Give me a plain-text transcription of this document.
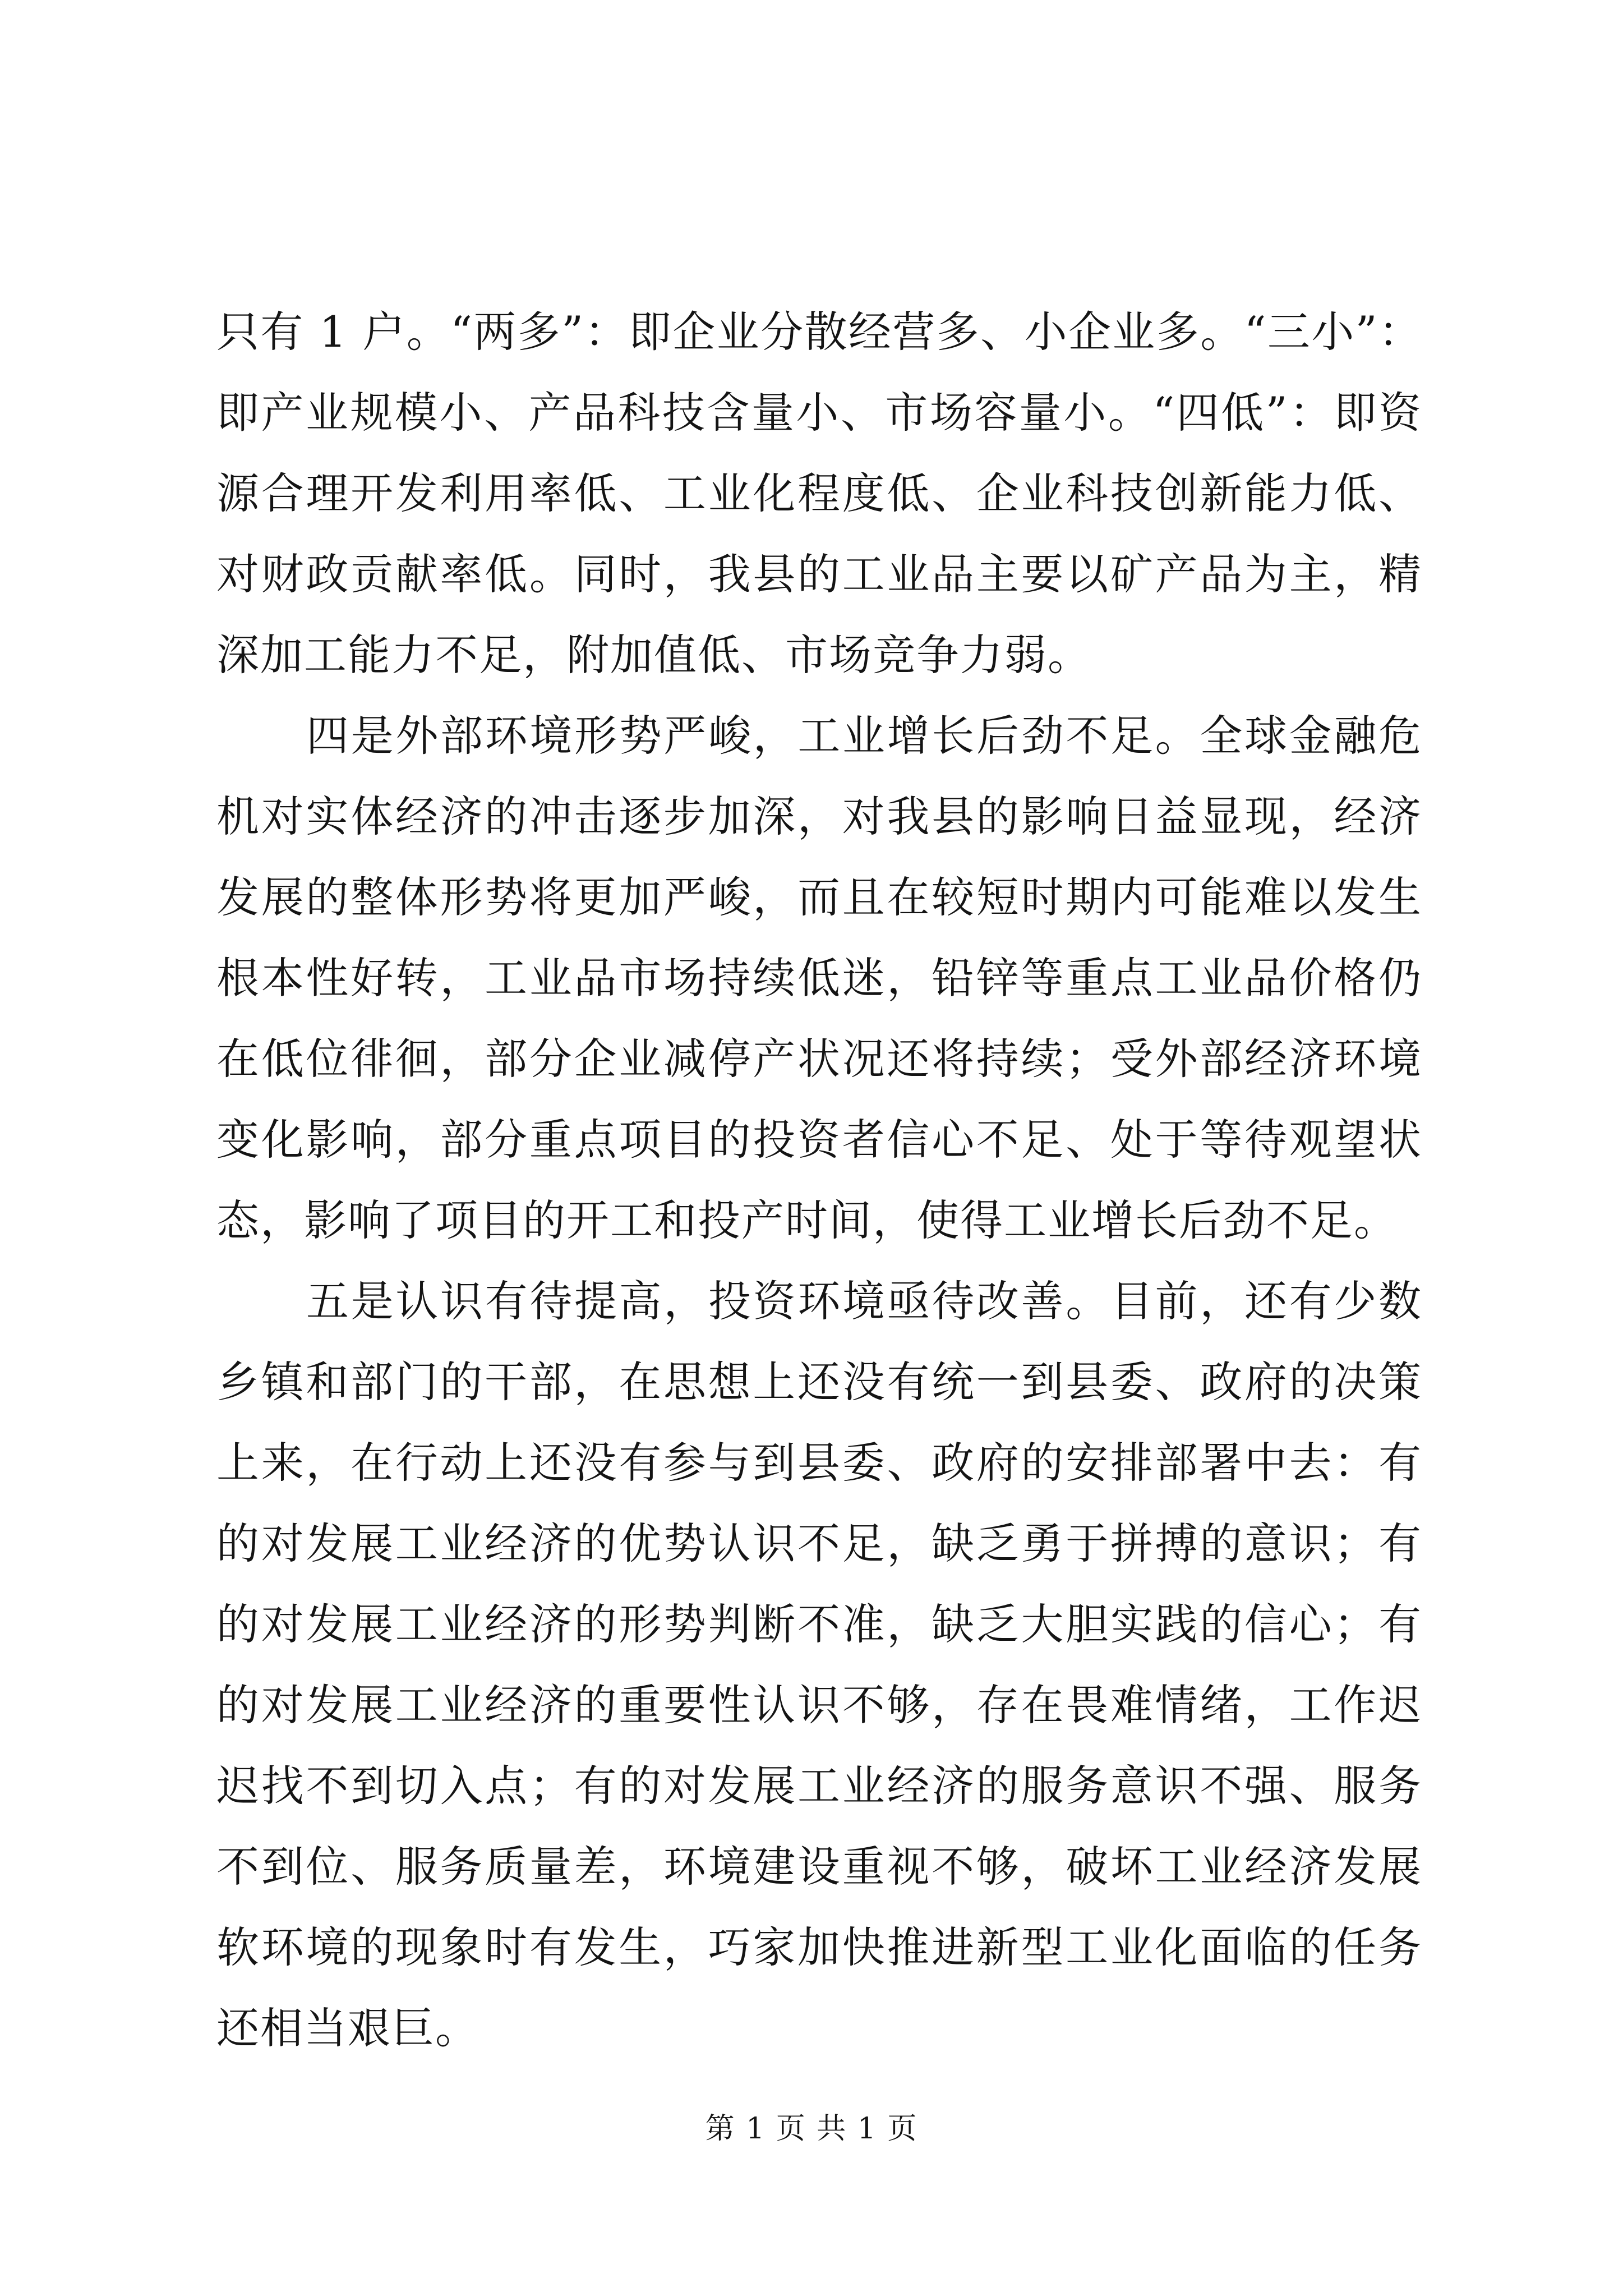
只有 1 户。“两多”：即企业分散经营多、小企业多。“三小”：即产业规模小、产品科技含量小、市场容量小。“四低”：即资源合理开发利用率低、工业化程度低、企业科技创新能力低、对财政贡献率低。同时，我县的工业品主要以矿产品为主，精深加工能力不足，附加值低、市场竞争力弱。

四是外部环境形势严峻，工业增长后劲不足。全球金融危机对实体经济的冲击逐步加深，对我县的影响日益显现，经济发展的整体形势将更加严峻，而且在较短时期内可能难以发生根本性好转，工业品市场持续低迷，铅锌等重点工业品价格仍在低位徘徊，部分企业减停产状况还将持续；受外部经济环境变化影响，部分重点项目的投资者信心不足、处于等待观望状态，影响了项目的开工和投产时间，使得工业增长后劲不足。

五是认识有待提高，投资环境亟待改善。目前，还有少数乡镇和部门的干部，在思想上还没有统一到县委、政府的决策上来，在行动上还没有参与到县委、政府的安排部署中去：有的对发展工业经济的优势认识不足，缺乏勇于拼搏的意识；有的对发展工业经济的形势判断不准，缺乏大胆实践的信心；有的对发展工业经济的重要性认识不够，存在畏难情绪，工作迟迟找不到切入点；有的对发展工业经济的服务意识不强、服务不到位、服务质量差，环境建设重视不够，破坏工业经济发展软环境的现象时有发生，巧家加快推进新型工业化面临的任务还相当艰巨。

第 1 页 共 1 页
